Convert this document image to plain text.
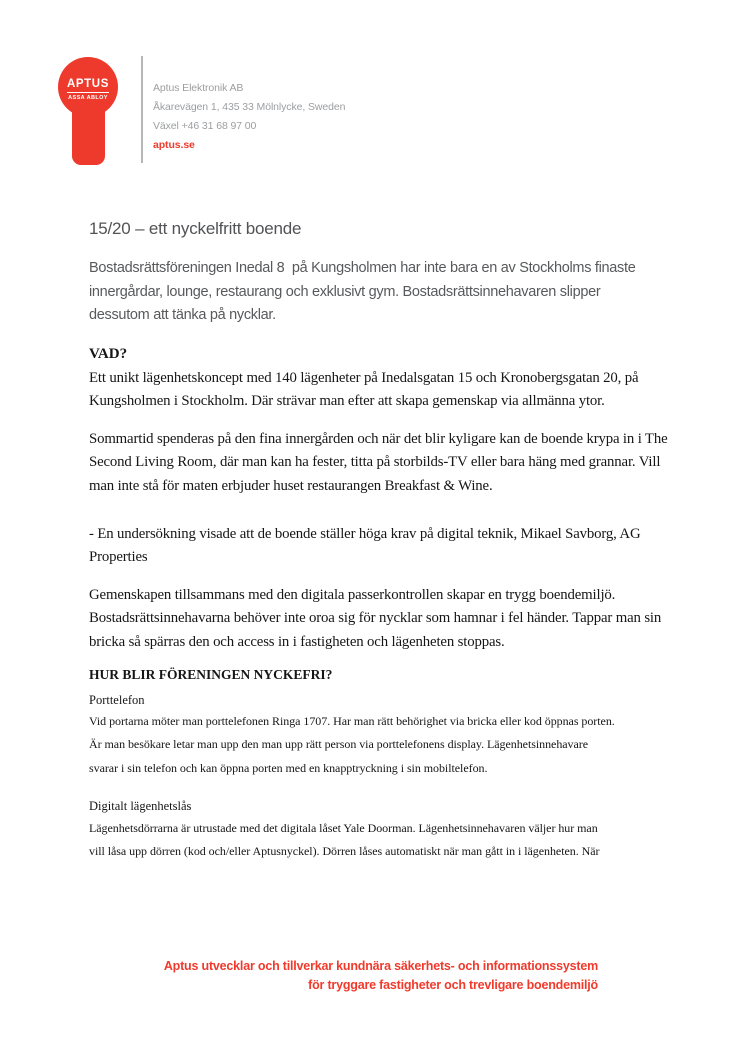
APTUS
ASSA ABLOY
Aptus Elektronik AB
Åkarevägen 1, 435 33 Mölnlycke, Sweden
Växel +46 31 68 97 00
aptus.se
15/20 – ett nyckelfritt boende
Bostadsrättsföreningen Inedal 8  på Kungsholmen har inte bara en av Stockholms finaste
innergårdar, lounge, restaurang och exklusivt gym. Bostadsrättsinnehavaren slipper
dessutom att tänka på nycklar.
VAD?
Ett unikt lägenhetskoncept med 140 lägenheter på Inedalsgatan 15 och Kronobergsgatan 20, på
Kungsholmen i Stockholm. Där strävar man efter att skapa gemenskap via allmänna ytor.
Sommartid spenderas på den fina innergården och när det blir kyligare kan de boende krypa in i The
Second Living Room, där man kan ha fester, titta på storbilds-TV eller bara häng med grannar. Vill
man inte stå för maten erbjuder huset restaurangen Breakfast & Wine.
- En undersökning visade att de boende ställer höga krav på digital teknik, Mikael Savborg, AG
Properties
Gemenskapen tillsammans med den digitala passerkontrollen skapar en trygg boendemiljö.
Bostadsrättsinnehavarna behöver inte oroa sig för nycklar som hamnar i fel händer. Tappar man sin
bricka så spärras den och access in i fastigheten och lägenheten stoppas.
HUR BLIR FÖRENINGEN NYCKEFRI?
Porttelefon
Vid portarna möter man porttelefonen Ringa 1707. Har man rätt behörighet via bricka eller kod öppnas porten.
Är man besökare letar man upp den man upp rätt person via porttelefonens display. Lägenhetsinnehavare
svarar i sin telefon och kan öppna porten med en knapptryckning i sin mobiltelefon.
Digitalt lägenhetslås
Lägenhetsdörrarna är utrustade med det digitala låset Yale Doorman. Lägenhetsinnehavaren väljer hur man
vill låsa upp dörren (kod och/eller Aptusnyckel). Dörren låses automatiskt när man gått in i lägenheten. När
Aptus utvecklar och tillverkar kundnära säkerhets- och informationssystem
för tryggare fastigheter och trevligare boendemiljö
